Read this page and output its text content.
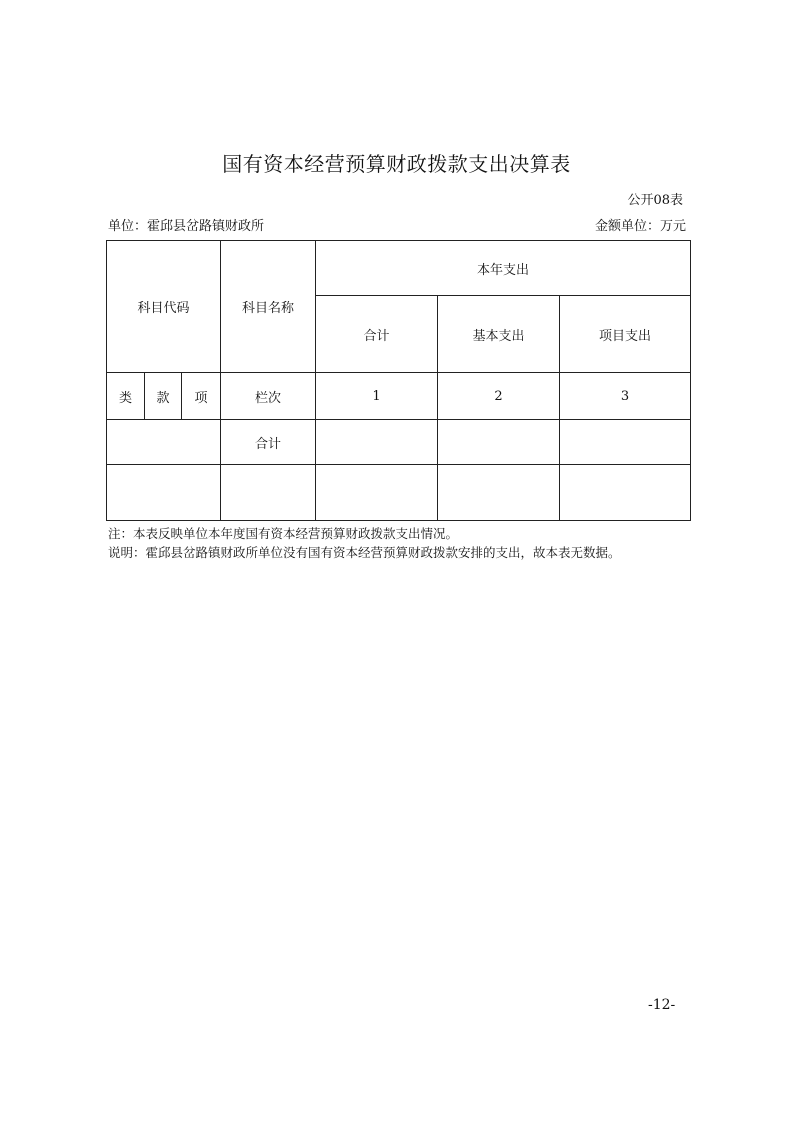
国有资本经营预算财政拨款支出决算表
公开08表
单位：霍邱县岔路镇财政所	金额单位：万元
科目代码			科目名称	本年支出		
				合计	基本支出	项目支出
类	款	项	栏次	1	2	3
			合计			

注：本表反映单位本年度国有资本经营预算财政拨款支出情况。
说明：霍邱县岔路镇财政所单位没有国有资本经营预算财政拨款安排的支出，故本表无数据。
-12-
